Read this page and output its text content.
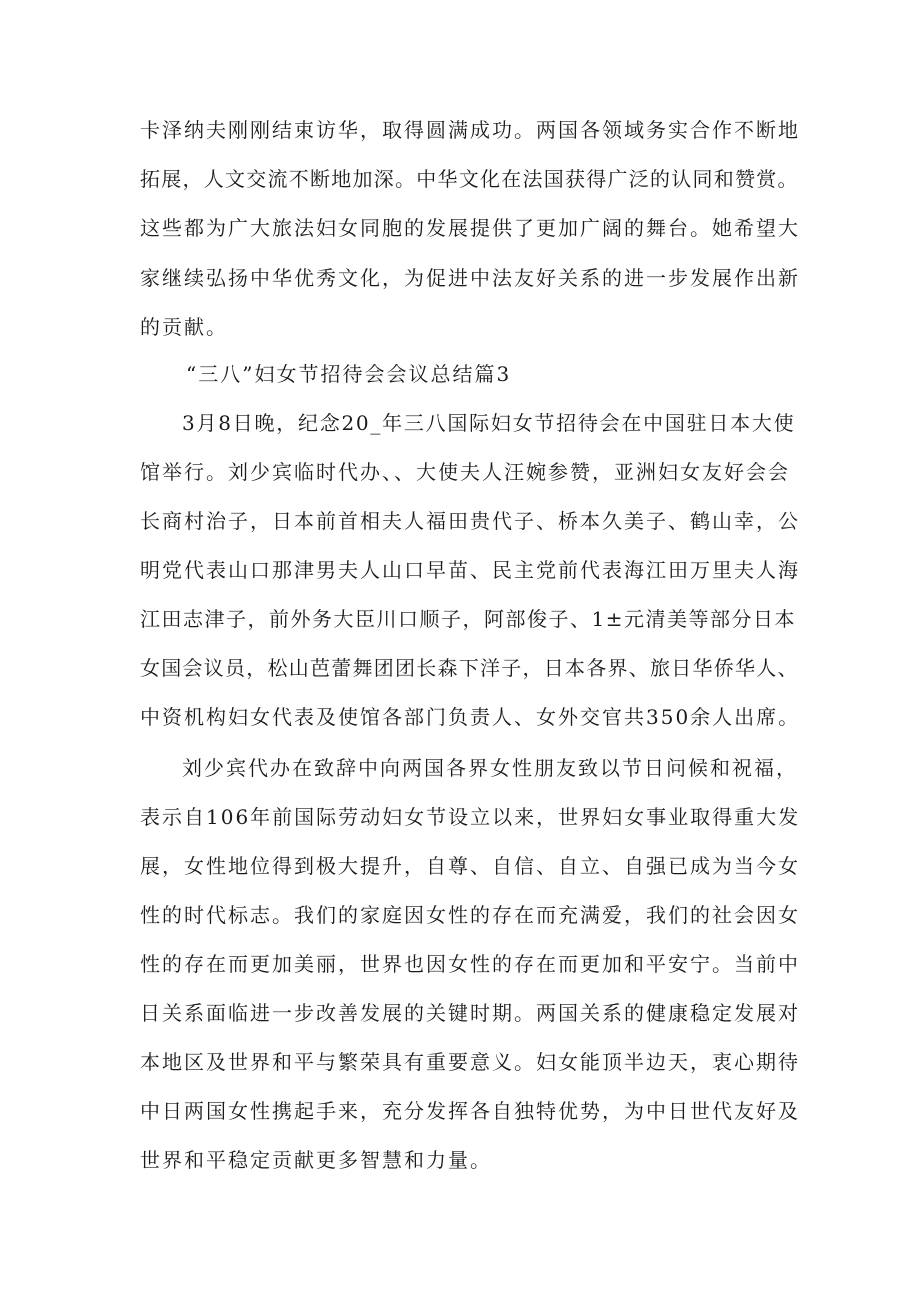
卡泽纳夫刚刚结束访华，取得圆满成功。两国各领域务实合作不断地
拓展，人文交流不断地加深。中华文化在法国获得广泛的认同和赞赏。
这些都为广大旅法妇女同胞的发展提供了更加广阔的舞台。她希望大
家继续弘扬中华优秀文化，为促进中法友好关系的进一步发展作出新
的贡献。
“三八”妇女节招待会会议总结篇3
3月8日晚，纪念20_年三八国际妇女节招待会在中国驻日本大使
馆举行。刘少宾临时代办、、大使夫人汪婉参赞，亚洲妇女友好会会
长商村治子，日本前首相夫人福田贵代子、桥本久美子、鹤山幸，公
明党代表山口那津男夫人山口早苗、民主党前代表海江田万里夫人海
江田志津子，前外务大臣川口顺子，阿部俊子、1±元清美等部分日本
女国会议员，松山芭蕾舞团团长森下洋子，日本各界、旅日华侨华人、
中资机构妇女代表及使馆各部门负责人、女外交官共350余人出席。
刘少宾代办在致辞中向两国各界女性朋友致以节日问候和祝福，
表示自106年前国际劳动妇女节设立以来，世界妇女事业取得重大发
展，女性地位得到极大提升，自尊、自信、自立、自强已成为当今女
性的时代标志。我们的家庭因女性的存在而充满爱，我们的社会因女
性的存在而更加美丽，世界也因女性的存在而更加和平安宁。当前中
日关系面临进一步改善发展的关键时期。两国关系的健康稳定发展对
本地区及世界和平与繁荣具有重要意义。妇女能顶半边天，衷心期待
中日两国女性携起手来，充分发挥各自独特优势，为中日世代友好及
世界和平稳定贡献更多智慧和力量。
